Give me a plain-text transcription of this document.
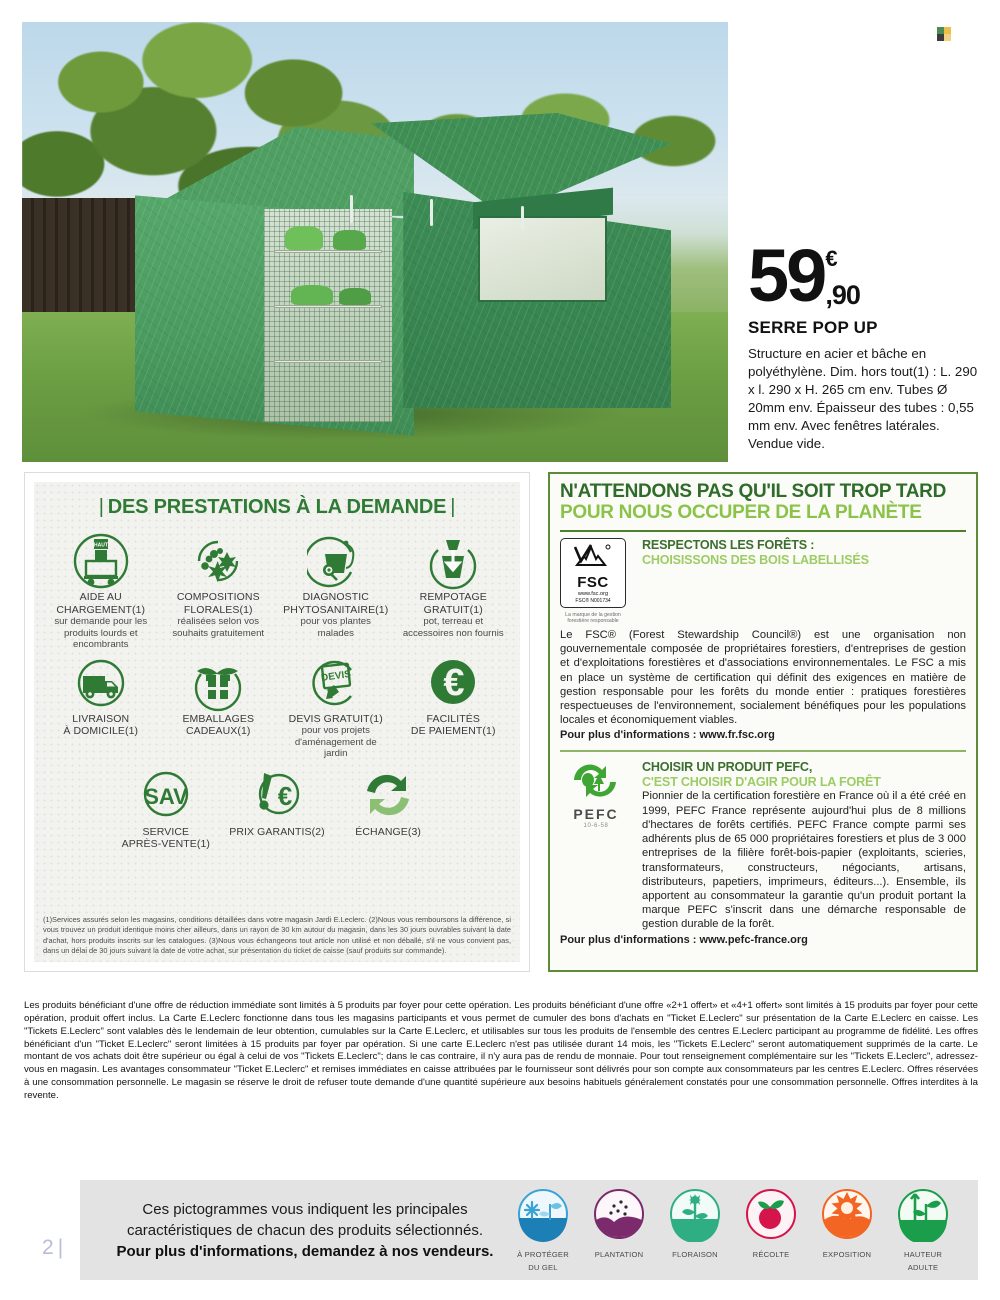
59 €
,90
SERRE POP UP
Structure en acier et bâche en polyéthylène. Dim. hors tout(1) : L. 290 x l. 290 x H. 265 cm env. Tubes Ø 20mm env. Épaisseur des tubes : 0,55 mm env. Avec fenêtres latérales. Vendue vide.
| DES PRESTATIONS À LA DEMANDE |
HAUT
AIDE AU
CHARGEMENT(1)
sur demande pour les produits lourds et encombrants
COMPOSITIONS
FLORALES(1)
réalisées selon vos souhaits gratuitement
DIAGNOSTIC
PHYTOSANITAIRE(1)
pour vos plantes malades
REMPOTAGE
GRATUIT(1)
pot, terreau et accessoires non fournis
LIVRAISON
À DOMICILE(1)
EMBALLAGES
CADEAUX(1)
DEVIS
DEVIS GRATUIT(1)
pour vos projets d'aménagement de jardin
€
FACILITÉS
DE PAIEMENT(1)
SAV
SERVICE
APRÈS-VENTE(1)
€
PRIX GARANTIS(2)	ÉCHANGE(3)
(1)Services assurés selon les magasins, conditions détaillées dans votre magasin Jardi E.Leclerc. (2)Nous vous remboursons la différence, si vous trouvez un produit identique moins cher ailleurs, dans un rayon de 30 km autour du magasin, dans les 30 jours ouvrables suivant la date d'achat, hors produits inscrits sur les catalogues. (3)Nous vous échangeons tout article non utilisé et non déballé, s'il ne vous convient pas, dans un délai de 30 jours suivant la date de votre achat, sur présentation du ticket de caisse (sauf produits sur commande).
N'ATTENDONS PAS QU'IL SOIT TROP TARD
POUR NOUS OCCUPER DE LA PLANÈTE
FSC
www.fsc.org
FSC® N001734
La marque de la gestion forestière responsable
RESPECTONS LES FORÊTS :
CHOISISSONS DES BOIS LABELLISÉS
Le FSC® (Forest Stewardship Council®) est une organisation non gouvernementale composée de propriétaires forestiers, d'entreprises de gestion et d'exploitations forestières et d'associations environnementales. Le FSC a mis en place un système de certification qui définit des exigences en matière de gestion responsable pour les forêts du monde entier : pratiques forestières respectueuses de l'environnement, socialement bénéfiques pour les populations locales et économiquement viables.
Pour plus d'informations : www.fr.fsc.org
PEFC
10-6-58
CHOISIR UN PRODUIT PEFC,
C'EST CHOISIR D'AGIR POUR LA FORÊT
Pionnier de la certification forestière en France où il a été créé en 1999, PEFC France représente aujourd'hui plus de 8 millions d'hectares de forêts certifiés. PEFC France compte parmi ses adhérents plus de 65 000 propriétaires forestiers et plus de 3 000 entreprises de la filière forêt-bois-papier (exploitants, scieries, transformateurs, constructeurs, négociants, artisans, distributeurs, papetiers, imprimeurs, éditeurs...). Ensemble, ils apportent au consommateur la garantie qu'un produit portant la marque PEFC s'inscrit dans une démarche responsable de gestion durable de la forêt.
Pour plus d'informations : www.pefc-france.org
Les produits bénéficiant d'une offre de réduction immédiate sont limités à 5 produits par foyer pour cette opération. Les produits bénéficiant d'une offre «2+1 offert» et «4+1 offert» sont limités à 15 produits par foyer pour cette opération, produit offert inclus. La Carte E.Leclerc fonctionne dans tous les magasins participants et vous permet de cumuler des bons d'achats en "Ticket E.Leclerc" sur présentation de la Carte E.Leclerc en caisse. Les "Tickets E.Leclerc" sont valables dès le lendemain de leur obtention, cumulables sur la Carte E.Leclerc, et utilisables sur tous les produits de l'ensemble des centres E.Leclerc participant au programme de fidélité. Les offres bénéficiant d'un "Ticket E.Leclerc" seront limitées à 15 produits par foyer par opération. Si une carte E.Leclerc n'est pas utilisée durant 14 mois, les "Tickets E.Leclerc" seront automatiquement supprimés de la carte. Le montant de vos achats doit être supérieur ou égal à celui de vos "Tickets E.Leclerc"; dans le cas contraire, il n'y aura pas de rendu de monnaie. Pour tout renseignement complémentaire sur les "Tickets E.Leclerc", adressez-vous en magasin. Les avantages consommateur "Ticket E.Leclerc" et remises immédiates en caisse attribuées par le fournisseur sont délivrés pour son compte aux consommateurs par les centres E.Leclerc. Offres réservées à une consommation personnelle. Le magasin se réserve le droit de refuser toute demande d'une quantité supérieure aux besoins habituels généralement constatés pour une consommation personnelle. Offres interdites à la revente.
Ces pictogrammes vous indiquent les principales
caractéristiques de chacun des produits sélectionnés.
Pour plus d'informations, demandez à nos vendeurs.	À PROTÉGER
DU GEL
PLANTATION	FLORAISON	RÉCOLTE	EXPOSITION	HAUTEUR
ADULTE
2 |
